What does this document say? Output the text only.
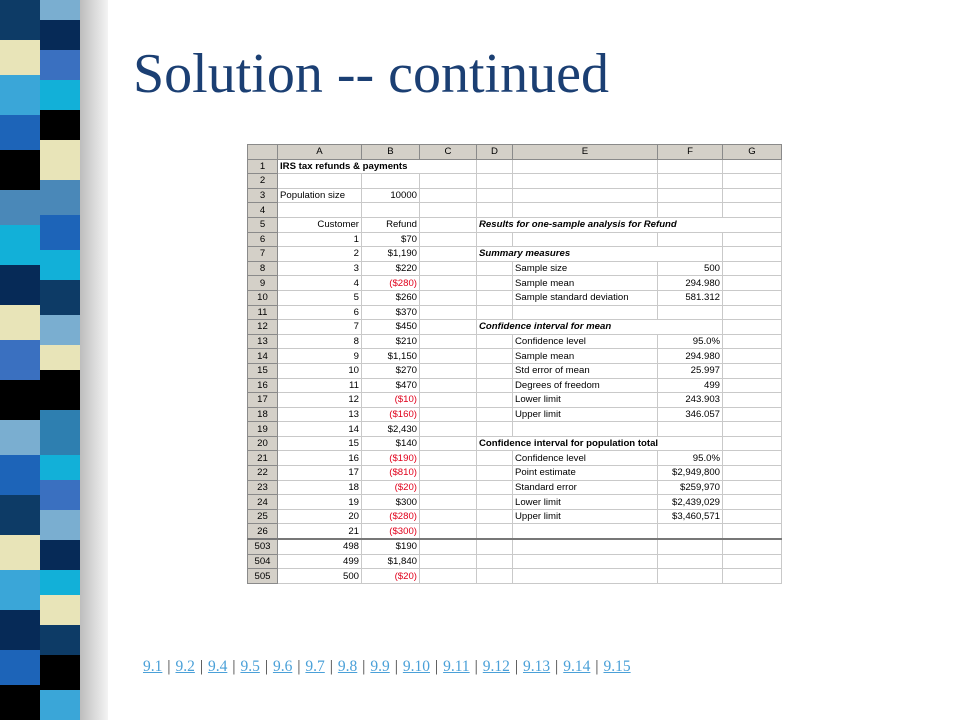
Solution -- continued
	A	B	C	D	E	F	G
1	IRS tax refunds & payments						
2							
3	Population size	10000					
4							
5	Customer	Refund		Results for one-sample analysis for Refund			
6	1	$70					
7	2	$1,190		Summary measures			
8	3	$220			Sample size	500	
9	4	($280)			Sample mean	294.980	
10	5	$260			Sample standard deviation	581.312	
11	6	$370					
12	7	$450		Confidence interval for mean			
13	8	$210			Confidence level	95.0%	
14	9	$1,150			Sample mean	294.980	
15	10	$270			Std error of mean	25.997	
16	11	$470			Degrees of freedom	499	
17	12	($10)			Lower limit	243.903	
18	13	($160)			Upper limit	346.057	
19	14	$2,430					
20	15	$140		Confidence interval for population total			
21	16	($190)			Confidence level	95.0%	
22	17	($810)			Point estimate	$2,949,800	
23	18	($20)			Standard error	$259,970	
24	19	$300			Lower limit	$2,439,029	
25	20	($280)			Upper limit	$3,460,571	
26	21	($300)					
503	498	$190					
504	499	$1,840					
505	500	($20)					
9.1 | 9.2 | 9.4 | 9.5 | 9.6 | 9.7 | 9.8 | 9.9 | 9.10 | 9.11 | 9.12 | 9.13 | 9.14 | 9.15
